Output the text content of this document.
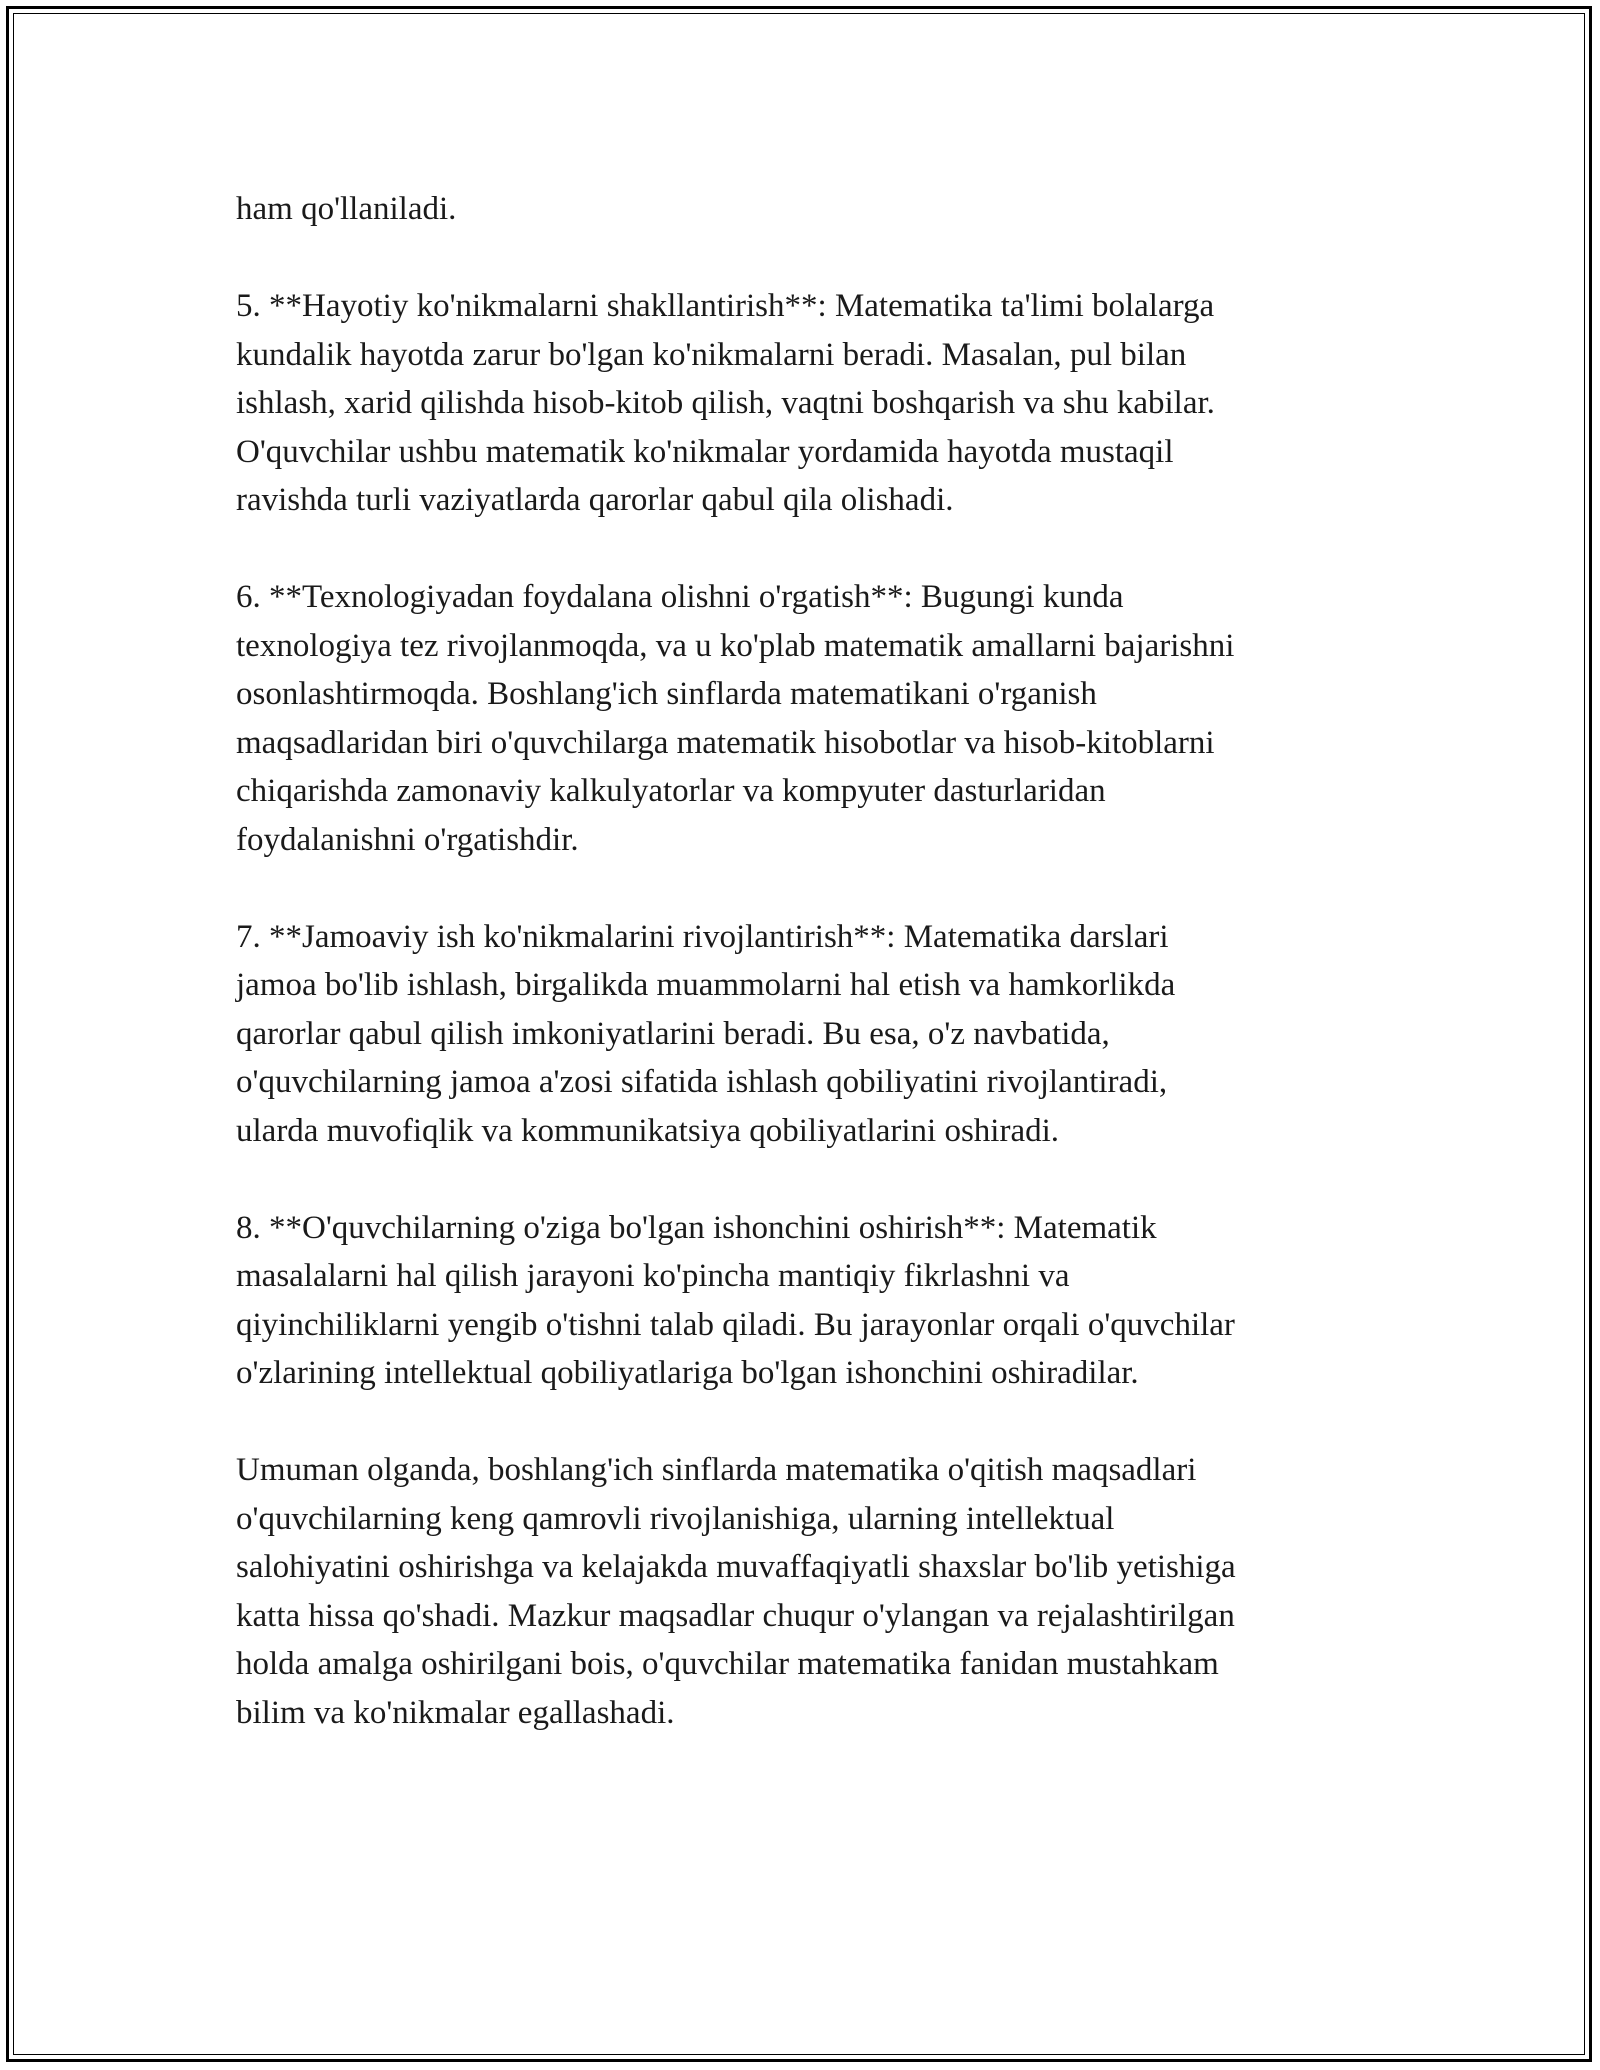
ham qo'llaniladi.

5. **Hayotiy ko'nikmalarni shakllantirish**: Matematika ta'limi bolalarga
kundalik hayotda zarur bo'lgan ko'nikmalarni beradi. Masalan, pul bilan
ishlash, xarid qilishda hisob-kitob qilish, vaqtni boshqarish va shu kabilar.
O'quvchilar ushbu matematik ko'nikmalar yordamida hayotda mustaqil
ravishda turli vaziyatlarda qarorlar qabul qila olishadi.

6. **Texnologiyadan foydalana olishni o'rgatish**: Bugungi kunda
texnologiya tez rivojlanmoqda, va u ko'plab matematik amallarni bajarishni
osonlashtirmoqda. Boshlang'ich sinflarda matematikani o'rganish
maqsadlaridan biri o'quvchilarga matematik hisobotlar va hisob-kitoblarni
chiqarishda zamonaviy kalkulyatorlar va kompyuter dasturlaridan
foydalanishni o'rgatishdir.

7. **Jamoaviy ish ko'nikmalarini rivojlantirish**: Matematika darslari
jamoa bo'lib ishlash, birgalikda muammolarni hal etish va hamkorlikda
qarorlar qabul qilish imkoniyatlarini beradi. Bu esa, o'z navbatida,
o'quvchilarning jamoa a'zosi sifatida ishlash qobiliyatini rivojlantiradi,
ularda muvofiqlik va kommunikatsiya qobiliyatlarini oshiradi.

8. **O'quvchilarning o'ziga bo'lgan ishonchini oshirish**: Matematik
masalalarni hal qilish jarayoni ko'pincha mantiqiy fikrlashni va
qiyinchiliklarni yengib o'tishni talab qiladi. Bu jarayonlar orqali o'quvchilar
o'zlarining intellektual qobiliyatlariga bo'lgan ishonchini oshiradilar.

Umuman olganda, boshlang'ich sinflarda matematika o'qitish maqsadlari
o'quvchilarning keng qamrovli rivojlanishiga, ularning intellektual
salohiyatini oshirishga va kelajakda muvaffaqiyatli shaxslar bo'lib yetishiga
katta hissa qo'shadi. Mazkur maqsadlar chuqur o'ylangan va rejalashtirilgan
holda amalga oshirilgani bois, o'quvchilar matematika fanidan mustahkam
bilim va ko'nikmalar egallashadi.
